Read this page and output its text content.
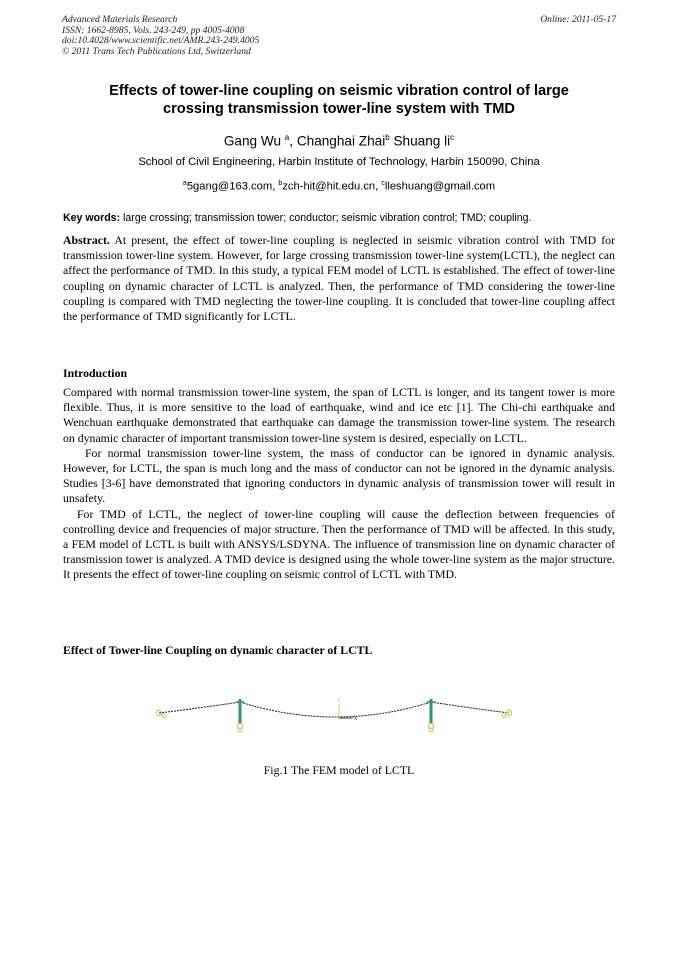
Advanced Materials Research
ISSN: 1662-8985, Vols. 243-249, pp 4005-4008
doi:10.4028/www.scientific.net/AMR.243-249.4005
© 2011 Trans Tech Publications Ltd, Switzerland
Online: 2011-05-17
Effects of tower-line coupling on seismic vibration control of large
crossing transmission tower-line system with TMD
Gang Wu $^a$, Changhai Zhai$^b$ Shuang $li^c$
School of Civil Engineering, Harbin Institute of Technology, Harbin 150090, China
$^a$5gang@163.com, $^b$zch-hit@hit.edu.cn, $^c$lleshuang@gmail.com
Key words: large crossing; transmission tower; conductor; seismic vibration control; TMD; coupling.
Abstract. At present, the effect of tower-line coupling is neglected in seismic vibration control with TMD for transmission tower-line system. However, for large crossing transmission tower-line system(LCTL), the neglect can affect the performance of TMD. In this study, a typical FEM model of LCTL is established. The effect of tower-line coupling on dynamic character of LCTL is analyzed. Then, the performance of TMD considering the tower-line coupling is compared with TMD neglecting the tower-line coupling. It is concluded that tower-line coupling affect the performance of TMD significantly for LCTL.
Introduction

Compared with normal transmission tower-line system, the span of LCTL is longer, and its tangent tower is more flexible. Thus, it is more sensitive to the load of earthquake, wind and ice etc [1]. The Chi-chi earthquake and Wenchuan earthquake demonstrated that earthquake can damage the transmission tower-line system. The research on dynamic character of important transmission tower-line system is desired, especially on LCTL.

For normal transmission tower-line system, the mass of conductor can be ignored in dynamic analysis. However, for LCTL, the span is much long and the mass of conductor can not be ignored in the dynamic analysis. Studies [3-6] have demonstrated that ignoring conductors in dynamic analysis of transmission tower will result in unsafety.

For TMD of LCTL, the neglect of tower-line coupling will cause the deflection between frequencies of controlling device and frequencies of major structure. Then the performance of TMD will be affected. In this study, a FEM model of LCTL is built with ANSYS/LSDYNA. The influence of transmission line on dynamic character of transmission tower is analyzed. A TMD device is designed using the whole tower-line system as the major structure. It presents the effect of tower-line coupling on seismic control of LCTL with TMD.

Effect of Tower-line Coupling on dynamic character of LCTL
Y
X
Fig.1 The FEM model of LCTL
